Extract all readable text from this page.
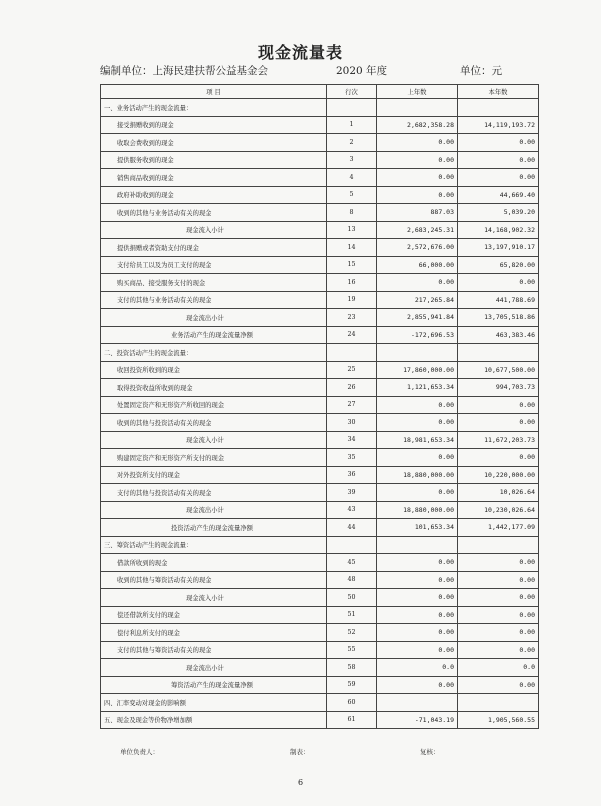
现金流量表
编制单位：上海民建扶帮公益基金会	2020 年度	单位：元
项 目	行次	上年数	本年数
一、业务活动产生的现金流量：			
接受捐赠收到的现金	1	2,682,358.28	14,119,193.72
收取会费收到的现金	2	0.00	0.00
提供服务收到的现金	3	0.00	0.00
销售商品收到的现金	4	0.00	0.00
政府补助收到的现金	5	0.00	44,669.40
收到的其他与业务活动有关的现金	8	887.03	5,039.20
现金流入小计	13	2,683,245.31	14,168,902.32
提供捐赠或者资助支付的现金	14	2,572,676.00	13,197,910.17
支付给员工以及为员工支付的现金	15	66,000.00	65,820.00
购买商品、接受服务支付的现金	16	0.00	0.00
支付的其他与业务活动有关的现金	19	217,265.84	441,788.69
现金流出小计	23	2,855,941.84	13,705,518.86
业务活动产生的现金流量净额	24	-172,696.53	463,383.46
二、投资活动产生的现金流量：			
收回投资所收到的现金	25	17,860,000.00	10,677,500.00
取得投资收益所收到的现金	26	1,121,653.34	994,703.73
处置固定资产和无形资产所收回的现金	27	0.00	0.00
收到的其他与投资活动有关的现金	30	0.00	0.00
现金流入小计	34	18,981,653.34	11,672,203.73
购建固定资产和无形资产所支付的现金	35	0.00	0.00
对外投资所支付的现金	36	18,880,000.00	10,220,000.00
支付的其他与投资活动有关的现金	39	0.00	10,026.64
现金流出小计	43	18,880,000.00	10,230,026.64
投资活动产生的现金流量净额	44	101,653.34	1,442,177.09
三、筹资活动产生的现金流量：			
借款所收到的现金	45	0.00	0.00
收到的其他与筹资活动有关的现金	48	0.00	0.00
现金流入小计	50	0.00	0.00
偿还借款所支付的现金	51	0.00	0.00
偿付利息所支付的现金	52	0.00	0.00
支付的其他与筹资活动有关的现金	55	0.00	0.00
现金流出小计	58	0.0	0.0
筹资活动产生的现金流量净额	59	0.00	0.00
四、汇率变动对现金的影响额	60		
五、现金及现金等价物净增加额	61	-71,043.19	1,905,560.55
单位负责人：	制表：	复核：
6
